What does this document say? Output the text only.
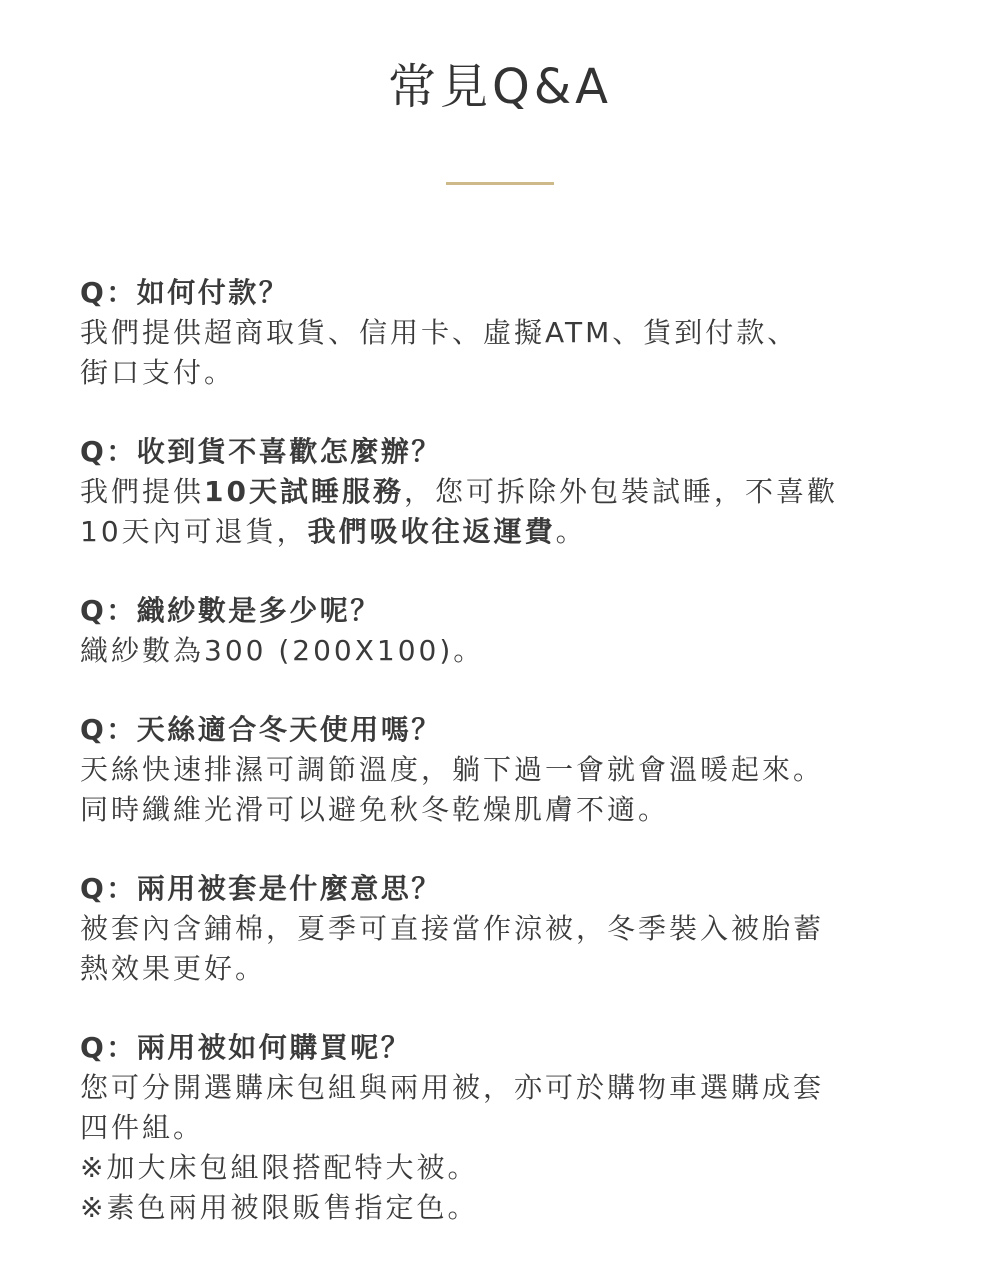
常見Q&A

Q：如何付款？

我們提供超商取貨、信用卡、虛擬ATM、貨到付款、

街口支付。

Q：收到貨不喜歡怎麼辦？

我們提供10天試睡服務，您可拆除外包裝試睡，不喜歡

10天內可退貨，我們吸收往返運費。

Q：織紗數是多少呢？

織紗數為300 (200X100)。

Q：天絲適合冬天使用嗎？

天絲快速排濕可調節溫度，躺下過一會就會溫暖起來。

同時纖維光滑可以避免秋冬乾燥肌膚不適。

Q：兩用被套是什麼意思？

被套內含鋪棉，夏季可直接當作涼被，冬季裝入被胎蓄

熱效果更好。

Q：兩用被如何購買呢？

您可分開選購床包組與兩用被，亦可於購物車選購成套

四件組。

※加大床包組限搭配特大被。

※素色兩用被限販售指定色。
